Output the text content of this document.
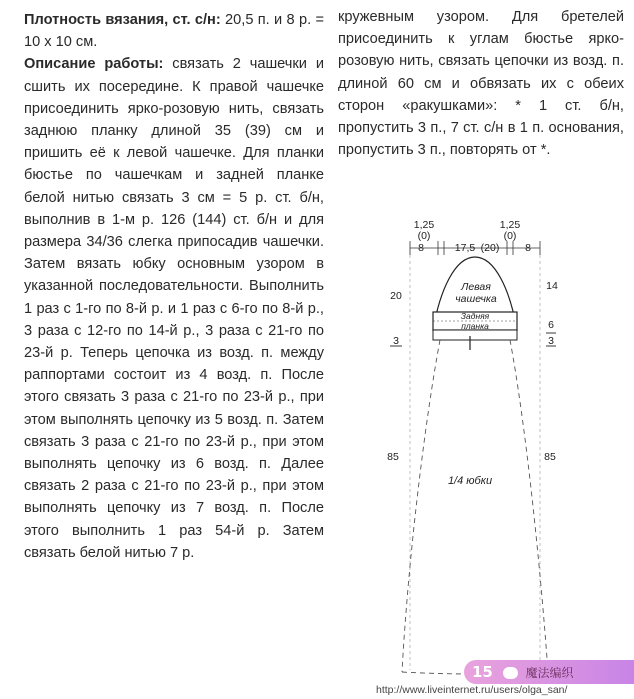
Плотность вязания, ст. с/н: 20,5 п. и 8 р. = 10 х 10 см.

Описание работы: связать 2 чашечки и сшить их посередине. К правой чашечке присоединить ярко-розовую нить, связать заднюю планку длиной 35 (39) см и пришить её к левой чашечке. Для планки бюстье по чашечкам и задней планке белой нитью связать 3 см = 5 р. ст. б/н, выполнив в 1-м р. 126 (144) ст. б/н и для размера 34/36 слегка припосадив чашечки. Затем вязать юбку основным узором в указанной последовательности. Выполнить 1 раз с 1-го по 8-й р. и 1 раз с 6-го по 8-й р., 3 раза с 12-го по 14-й р., 3 раза с 21-го по 23-й р. Теперь цепочка из возд. п. между раппортами состоит из 4 возд. п. После этого связать 3 раза с 21-го по 23-й р., при этом выполнять цепочку из 5 возд. п. Затем связать 3 раза с 21-го по 23-й р., при этом выполнять цепочку из 6 возд. п. Далее связать 2 раза с 21-го по 23-й р., при этом выполнять цепочку из 7 возд. п. После этого выполнить 1 раз 54-й р. Затем связать белой нитью 7 р.

кружевным узором. Для бретелей присоединить к углам бюстье ярко-розовую нить, связать цепочки из возд. п. длиной 60 см и обвязать их с обеих сторон «ракушками»: * 1 ст. б/н, пропустить 3 п., 7 ст. с/н в 1 п. основания, пропустить 3 п., повторять от *.

1,25
(0)
1,25
(0)
8	17,5 (20) 8
20
14
6
3	3
85	85
Левая
чашечка
Задняя
планка
1/4 юбки
15	魔法编织
http://www.liveinternet.ru/users/olga_san/
